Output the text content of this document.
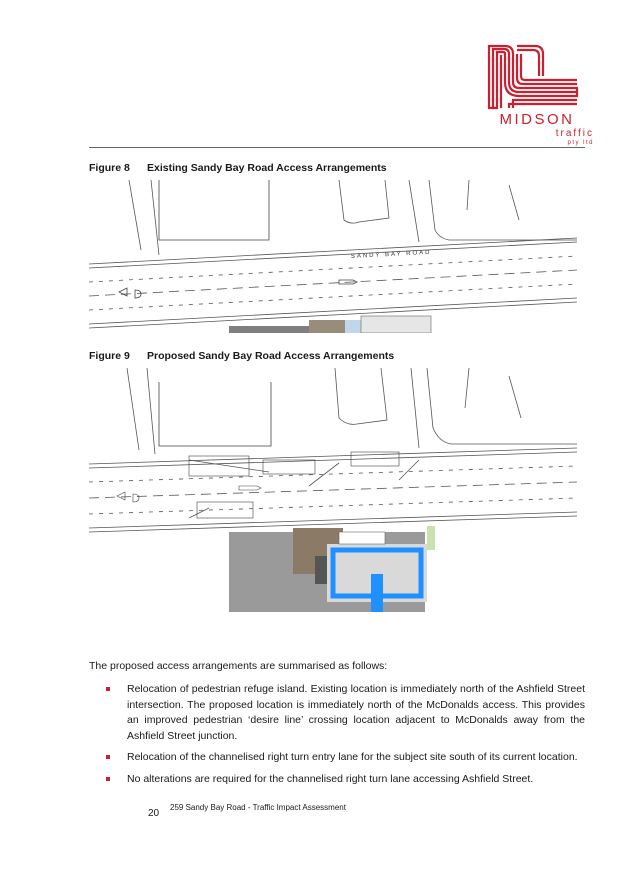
MIDSON
traffic
pty ltd
Figure 8 Existing Sandy Bay Road Access Arrangements
SANDY BAY ROAD
Figure 9 Proposed Sandy Bay Road Access Arrangements
The proposed access arrangements are summarised as follows:
Relocation of pedestrian refuge island. Existing location is immediately north of the Ashfield Street intersection. The proposed location is immediately north of the McDonalds access. This provides an improved pedestrian ‘desire line’ crossing location adjacent to McDonalds away from the Ashfield Street junction.
Relocation of the channelised right turn entry lane for the subject site south of its current location.
No alterations are required for the channelised right turn lane accessing Ashfield Street.
259 Sandy Bay Road - Traffic Impact Assessment
20
